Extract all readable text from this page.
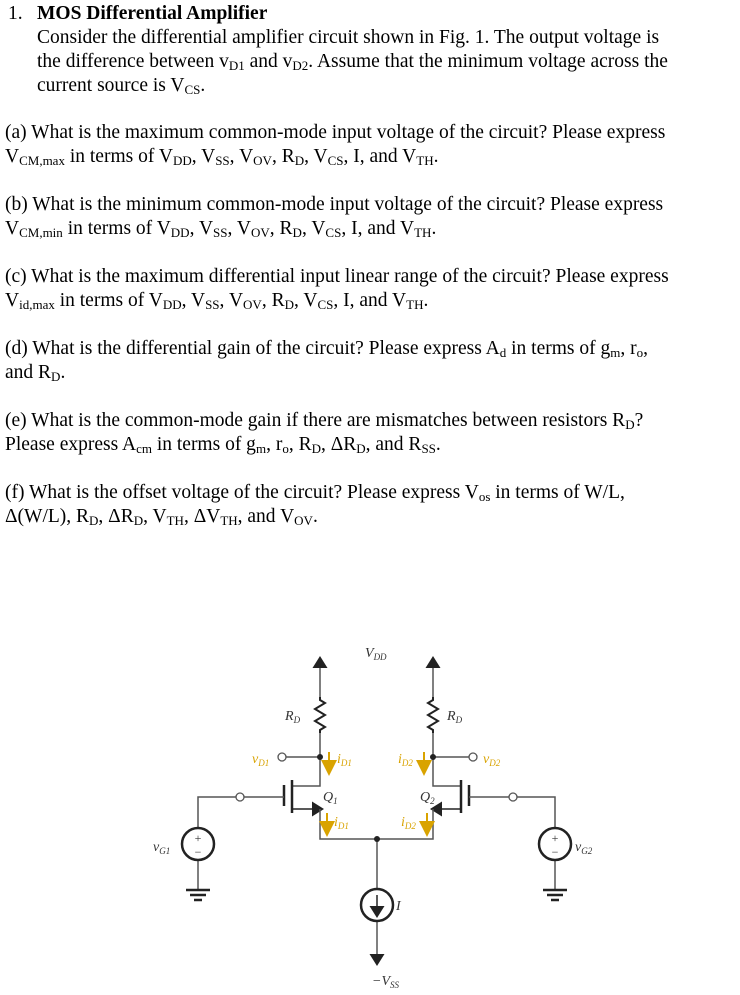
1. MOS Differential Amplifier
Consider the differential amplifier circuit shown in Fig. 1. The output voltage is
the difference between $v_{D1}$ and $v_{D2}$. Assume that the minimum voltage across the
current source is $V_{CS}$.
(a) What is the maximum common-mode input voltage of the circuit? Please express
$V_{CM,max}$ in terms of $V_{DD}$, $V_{SS}$, $V_{OV}$, $R_D$, $V_{CS}$, I, and $V_{TH}$.
(b) What is the minimum common-mode input voltage of the circuit? Please express
$V_{CM,min}$ in terms of $V_{DD}$, $V_{SS}$, $V_{OV}$, $R_D$, $V_{CS}$, I, and $V_{TH}$.
(c) What is the maximum differential input linear range of the circuit? Please express
$V_{id,max}$ in terms of $V_{DD}$, $V_{SS}$, $V_{OV}$, $R_D$, $V_{CS}$, I, and $V_{TH}$.
(d) What is the differential gain of the circuit? Please express $A_d$ in terms of $g_m$, $r_o$,
and $R_D$.
(e) What is the common-mode gain if there are mismatches between resistors $R_D$?
Please express $A_{cm}$ in terms of $g_m$, $r_o$, $R_D$, $\Delta R_D$, and $R_{SS}$.
(f) What is the offset voltage of the circuit? Please express $V_{os}$ in terms of W/L,
Δ(W/L), $R_D$, $\Delta R_D$, $V_{TH}$, $\Delta V_{TH}$, and $V_{OV}$.
+
−
+
−
$V_{DD}$
$R_D$	$R_D$
$Q_1$	$Q_2$
$-V_{SS}$
I
$v_{G1}$	$v_{G2}$
$v_{D1}$	$v_{D2}$
$i_{D1}$	$i_{D2}$
$i_{D1}$	$i_{D2}$
